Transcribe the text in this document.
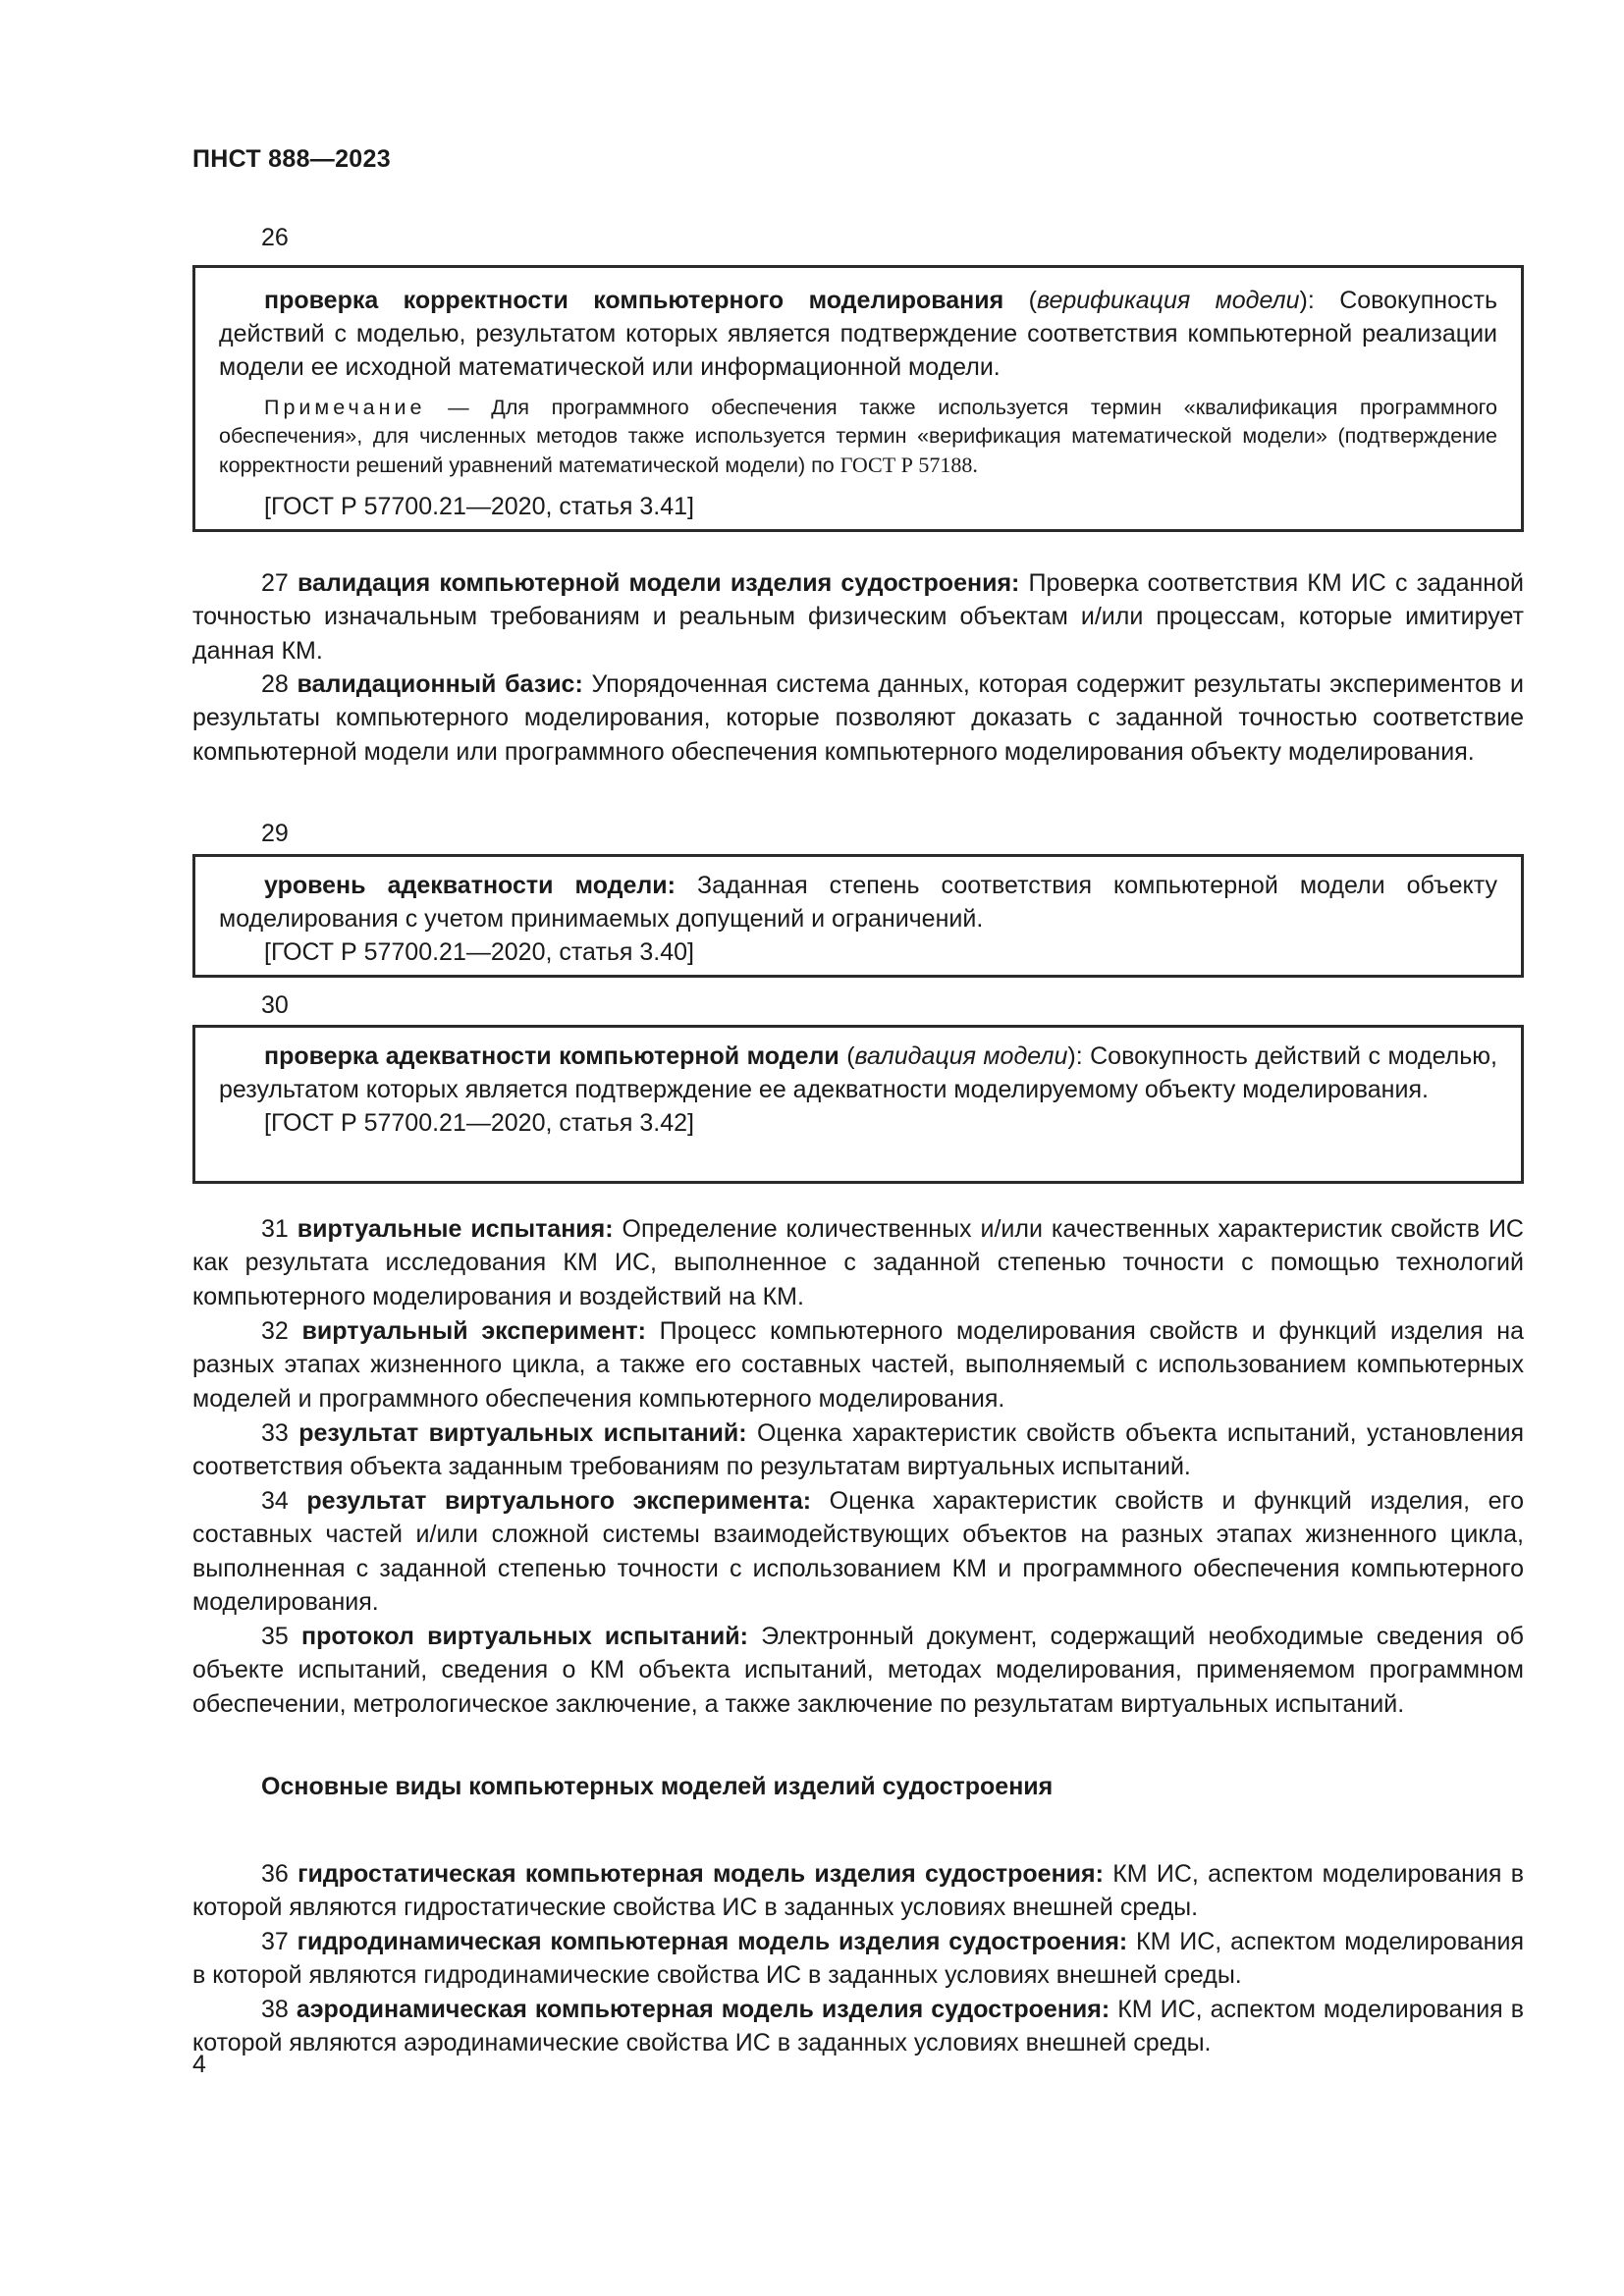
ПНСТ 888—2023
26
проверка корректности компьютерного моделирования (верификация модели): Совокупность действий с моделью, результатом которых является подтверждение соответствия компьютерной реализации модели ее исходной математической или информационной модели.
Примечание — Для программного обеспечения также используется термин «квалификация программного обеспечения», для численных методов также используется термин «верификация математической модели» (подтверждение корректности решений уравнений математической модели) по ГОСТ Р 57188.
[ГОСТ Р 57700.21—2020, статья 3.41]
27 валидация компьютерной модели изделия судостроения: Проверка соответствия КМ ИС с заданной точностью изначальным требованиям и реальным физическим объектам и/или процессам, которые имитирует данная КМ.
28 валидационный базис: Упорядоченная система данных, которая содержит результаты экспериментов и результаты компьютерного моделирования, которые позволяют доказать с заданной точностью соответствие компьютерной модели или программного обеспечения компьютерного моделирования объекту моделирования.
29
уровень адекватности модели: Заданная степень соответствия компьютерной модели объекту моделирования с учетом принимаемых допущений и ограничений.
[ГОСТ Р 57700.21—2020, статья 3.40]
30
проверка адекватности компьютерной модели (валидация модели): Совокупность действий с моделью, результатом которых является подтверждение ее адекватности моделируемому объекту моделирования.
[ГОСТ Р 57700.21—2020, статья 3.42]
31 виртуальные испытания: Определение количественных и/или качественных характеристик свойств ИС как результата исследования КМ ИС, выполненное с заданной степенью точности с помощью технологий компьютерного моделирования и воздействий на КМ.
32 виртуальный эксперимент: Процесс компьютерного моделирования свойств и функций изделия на разных этапах жизненного цикла, а также его составных частей, выполняемый с использованием компьютерных моделей и программного обеспечения компьютерного моделирования.
33 результат виртуальных испытаний: Оценка характеристик свойств объекта испытаний, установления соответствия объекта заданным требованиям по результатам виртуальных испытаний.
34 результат виртуального эксперимента: Оценка характеристик свойств и функций изделия, его составных частей и/или сложной системы взаимодействующих объектов на разных этапах жизненного цикла, выполненная с заданной степенью точности с использованием КМ и программного обеспечения компьютерного моделирования.
35 протокол виртуальных испытаний: Электронный документ, содержащий необходимые сведения об объекте испытаний, сведения о КМ объекта испытаний, методах моделирования, применяемом программном обеспечении, метрологическое заключение, а также заключение по результатам виртуальных испытаний.
Основные виды компьютерных моделей изделий судостроения
36 гидростатическая компьютерная модель изделия судостроения: КМ ИС, аспектом моделирования в которой являются гидростатические свойства ИС в заданных условиях внешней среды.
37 гидродинамическая компьютерная модель изделия судостроения: КМ ИС, аспектом моделирования в которой являются гидродинамические свойства ИС в заданных условиях внешней среды.
38 аэродинамическая компьютерная модель изделия судостроения: КМ ИС, аспектом моделирования в которой являются аэродинамические свойства ИС в заданных условиях внешней среды.
4
